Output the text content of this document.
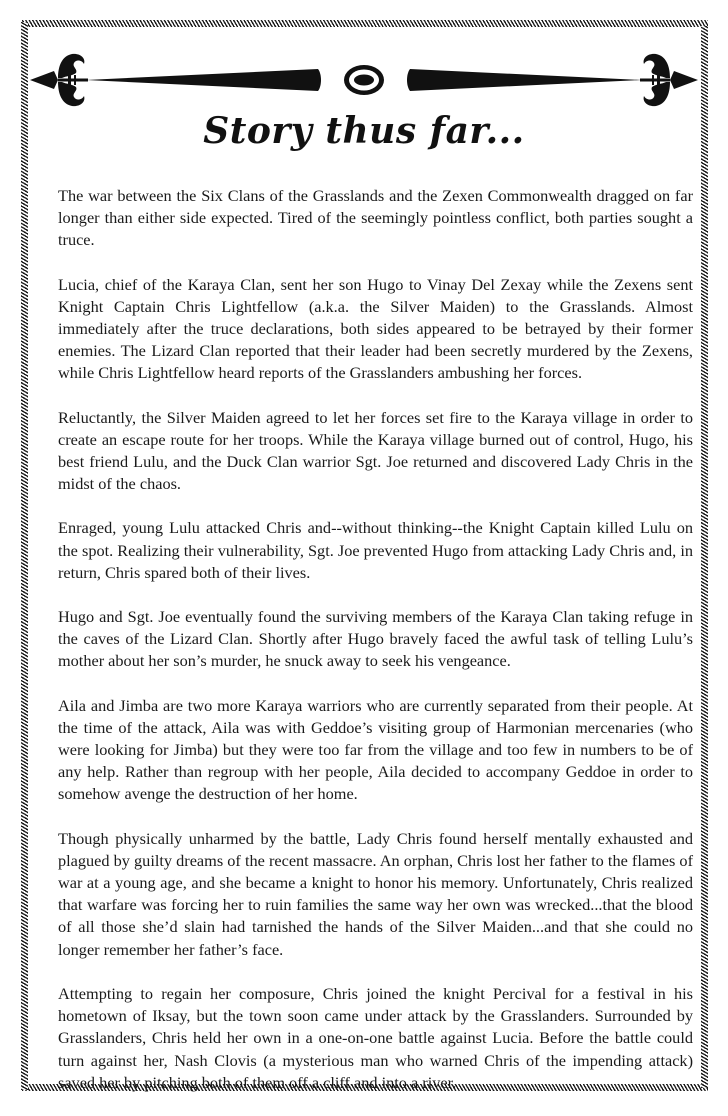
Story thus far...

The war between the Six Clans of the Grasslands and the Zexen Commonwealth dragged on far longer than either side expected. Tired of the seemingly pointless conflict, both parties sought a truce.

Lucia, chief of the Karaya Clan, sent her son Hugo to Vinay Del Zexay while the Zexens sent Knight Captain Chris Lightfellow (a.k.a. the Silver Maiden) to the Grasslands. Almost immediately after the truce declarations, both sides appeared to be betrayed by their former enemies. The Lizard Clan reported that their leader had been secretly murdered by the Zexens, while Chris Lightfellow heard reports of the Grasslanders ambushing her forces.

Reluctantly, the Silver Maiden agreed to let her forces set fire to the Karaya village in order to create an escape route for her troops. While the Karaya village burned out of control, Hugo, his best friend Lulu, and the Duck Clan warrior Sgt. Joe returned and discovered Lady Chris in the midst of the chaos.

Enraged, young Lulu attacked Chris and--without thinking--the Knight Captain killed Lulu on the spot. Realizing their vulnerability, Sgt. Joe prevented Hugo from attacking Lady Chris and, in return, Chris spared both of their lives.

Hugo and Sgt. Joe eventually found the surviving members of the Karaya Clan taking refuge in the caves of the Lizard Clan. Shortly after Hugo bravely faced the awful task of telling Lulu’s mother about her son’s murder, he snuck away to seek his vengeance.

Aila and Jimba are two more Karaya warriors who are currently separated from their people. At the time of the attack, Aila was with Geddoe’s visiting group of Harmonian mercenaries (who were looking for Jimba) but they were too far from the village and too few in numbers to be of any help. Rather than regroup with her people, Aila decided to accompany Geddoe in order to somehow avenge the destruction of her home.

Though physically unharmed by the battle, Lady Chris found herself mentally exhausted and plagued by guilty dreams of the recent massacre. An orphan, Chris lost her father to the flames of war at a young age, and she became a knight to honor his memory. Unfortunately, Chris realized that warfare was forcing her to ruin families the same way her own was wrecked...that the blood of all those she’d slain had tarnished the hands of the Silver Maiden...and that she could no longer remember her father’s face.

Attempting to regain her composure, Chris joined the knight Percival for a festival in his hometown of Iksay, but the town soon came under attack by the Grasslanders. Surrounded by Grasslanders, Chris held her own in a one-on-one battle against Lucia. Before the battle could turn against her, Nash Clovis (a mysterious man who warned Chris of the impending attack) saved her by pitching both of them off a cliff and into a river.
